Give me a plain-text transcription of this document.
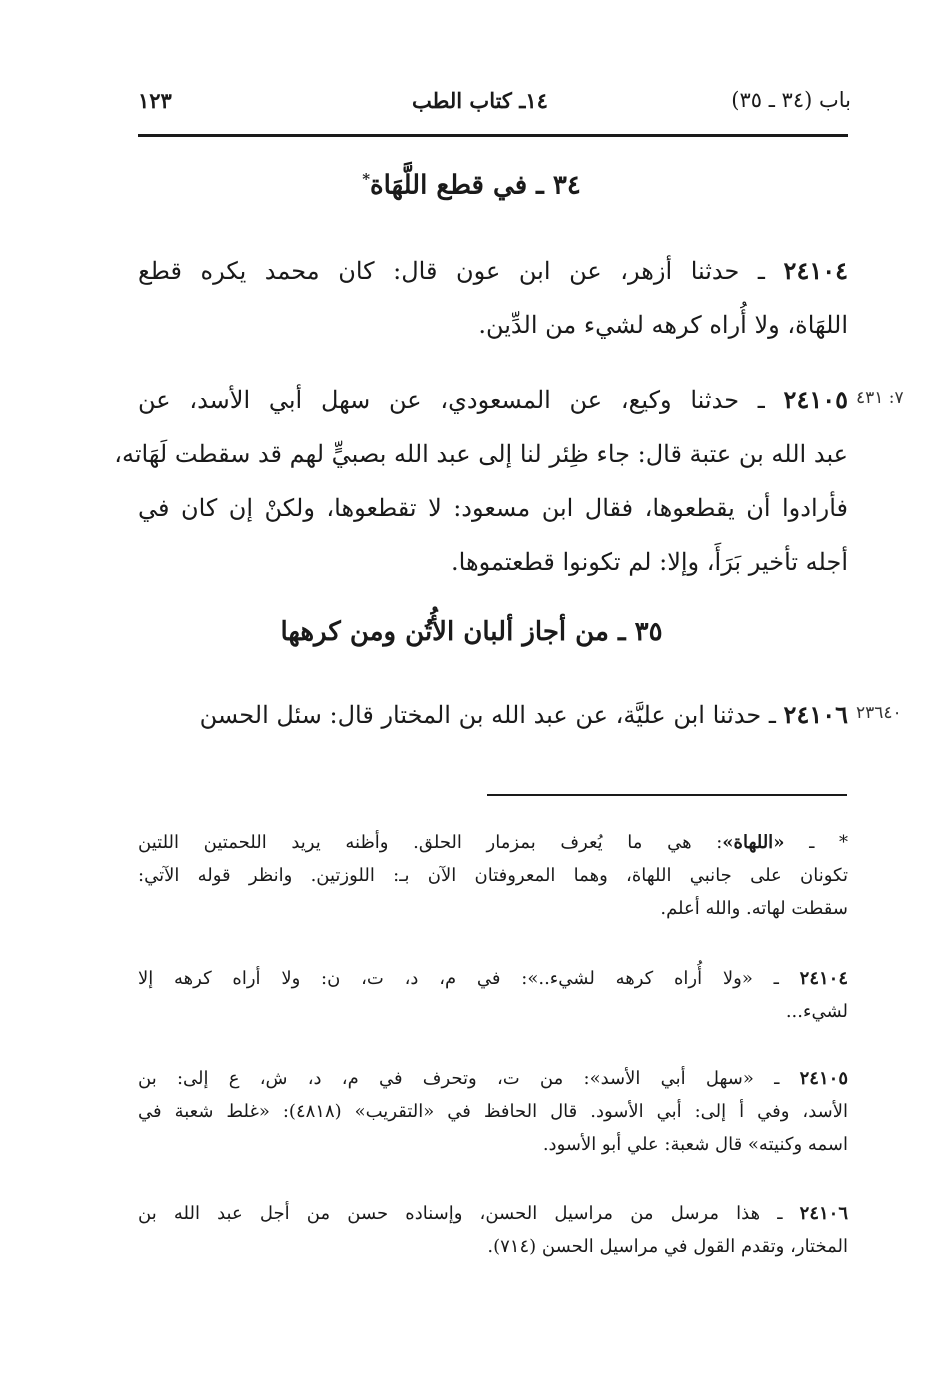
باب (٣٤ ـ ٣٥)
١٤ـ كتاب الطب
١٢٣
٣٤ ـ في قطع اللَّهَاة*
٢٤١٠٤ ـ حدثنا أزهر، عن ابن عون قال: كان محمد يكره قطع
اللهَاة، ولا أُراه كرهه لشيء من الدِّين.
٧: ٤٣١
٢٤١٠٥ ـ حدثنا وكيع، عن المسعودي، عن سهل أبي الأسد، عن
عبد الله بن عتبة قال: جاء ظِئر لنا إلى عبد الله بصبيٍّ لهم قد سقطت لَهَاته،
فأرادوا أن يقطعوها، فقال ابن مسعود: لا تقطعوها، ولكنْ إن كان في
أجله تأخير بَرَأَ، وإلا: لم تكونوا قطعتموها.
٣٥ ـ من أجاز ألبان الأُتُن ومن كرهها
٢٣٦٤٠
٢٤١٠٦ ـ حدثنا ابن عليَّة، عن عبد الله بن المختار قال: سئل الحسن
* ـ «اللهاة»: هي ما يُعرف بمزمار الحلق. وأظنه يريد اللحمتين اللتين
تكونان على جانبي اللهاة، وهما المعروفتان الآن بـ: اللوزتين. وانظر قوله الآتي:
سقطت لهاته. والله أعلم.
٢٤١٠٤ ـ «ولا أُراه كرهه لشيء..»: في م، د، ت، ن: ولا أراه كرهه إلا
لشيء...
٢٤١٠٥ ـ «سهل أبي الأسد»: من ت، وتحرف في م، د، ش، ع إلى: بن
الأسد، وفي أ إلى: أبي الأسود. قال الحافظ في «التقريب» (٤٨١٨): «غلط شعبة في
اسمه وكنيته» قال شعبة: علي أبو الأسود.
٢٤١٠٦ ـ هذا مرسل من مراسيل الحسن، وإسناده حسن من أجل عبد الله بن
المختار، وتقدم القول في مراسيل الحسن (٧١٤).
